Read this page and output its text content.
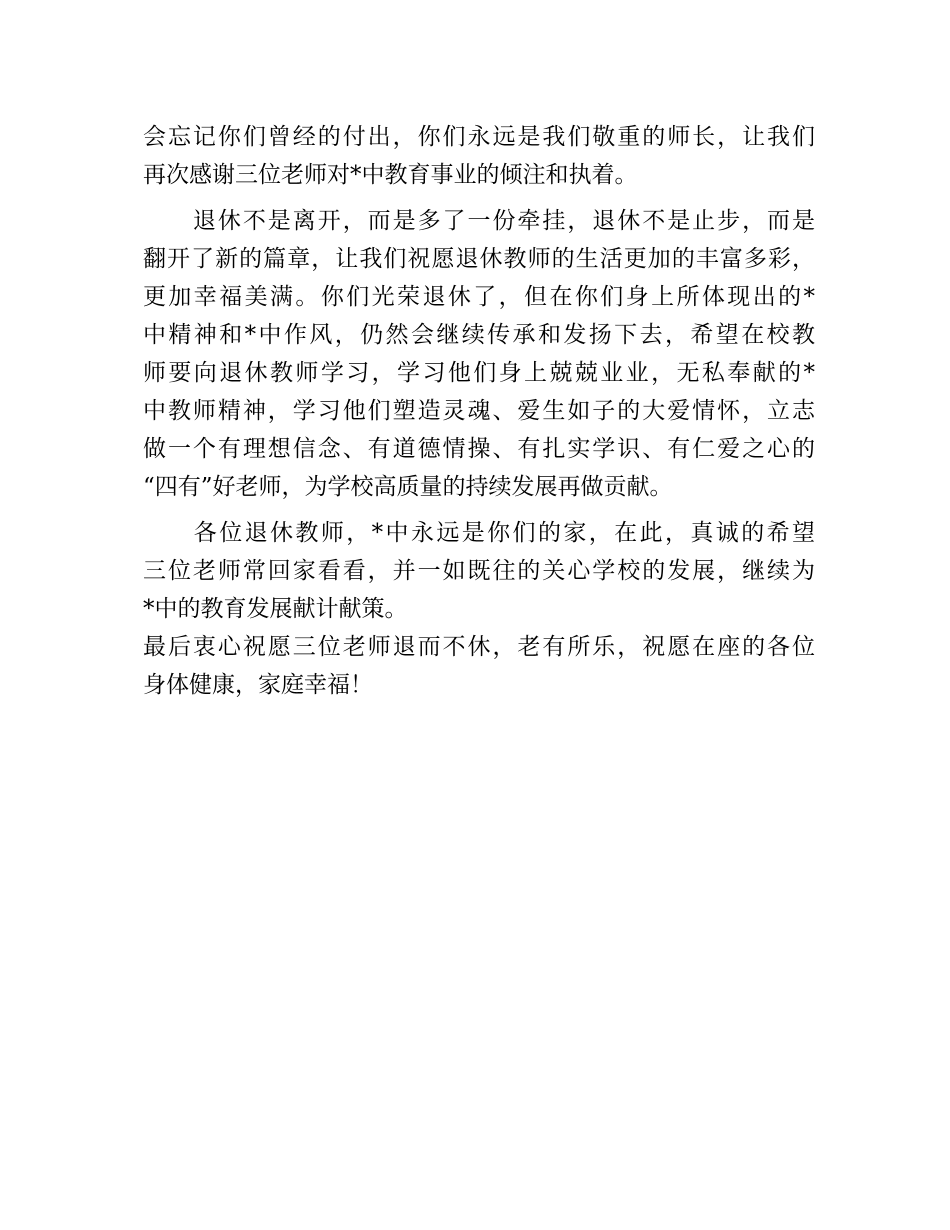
会忘记你们曾经的付出，你们永远是我们敬重的师长，让我们
再次感谢三位老师对*中教育事业的倾注和执着。
　　退休不是离开，而是多了一份牵挂，退休不是止步，而是
翻开了新的篇章，让我们祝愿退休教师的生活更加的丰富多彩，
更加幸福美满。你们光荣退休了，但在你们身上所体现出的*
中精神和*中作风，仍然会继续传承和发扬下去，希望在校教
师要向退休教师学习，学习他们身上兢兢业业，无私奉献的*
中教师精神，学习他们塑造灵魂、爱生如子的大爱情怀，立志
做一个有理想信念、有道德情操、有扎实学识、有仁爱之心的
“四有”好老师，为学校高质量的持续发展再做贡献。
　　各位退休教师，*中永远是你们的家，在此，真诚的希望
三位老师常回家看看，并一如既往的关心学校的发展，继续为
*中的教育发展献计献策。
最后衷心祝愿三位老师退而不休，老有所乐，祝愿在座的各位
身体健康，家庭幸福！
